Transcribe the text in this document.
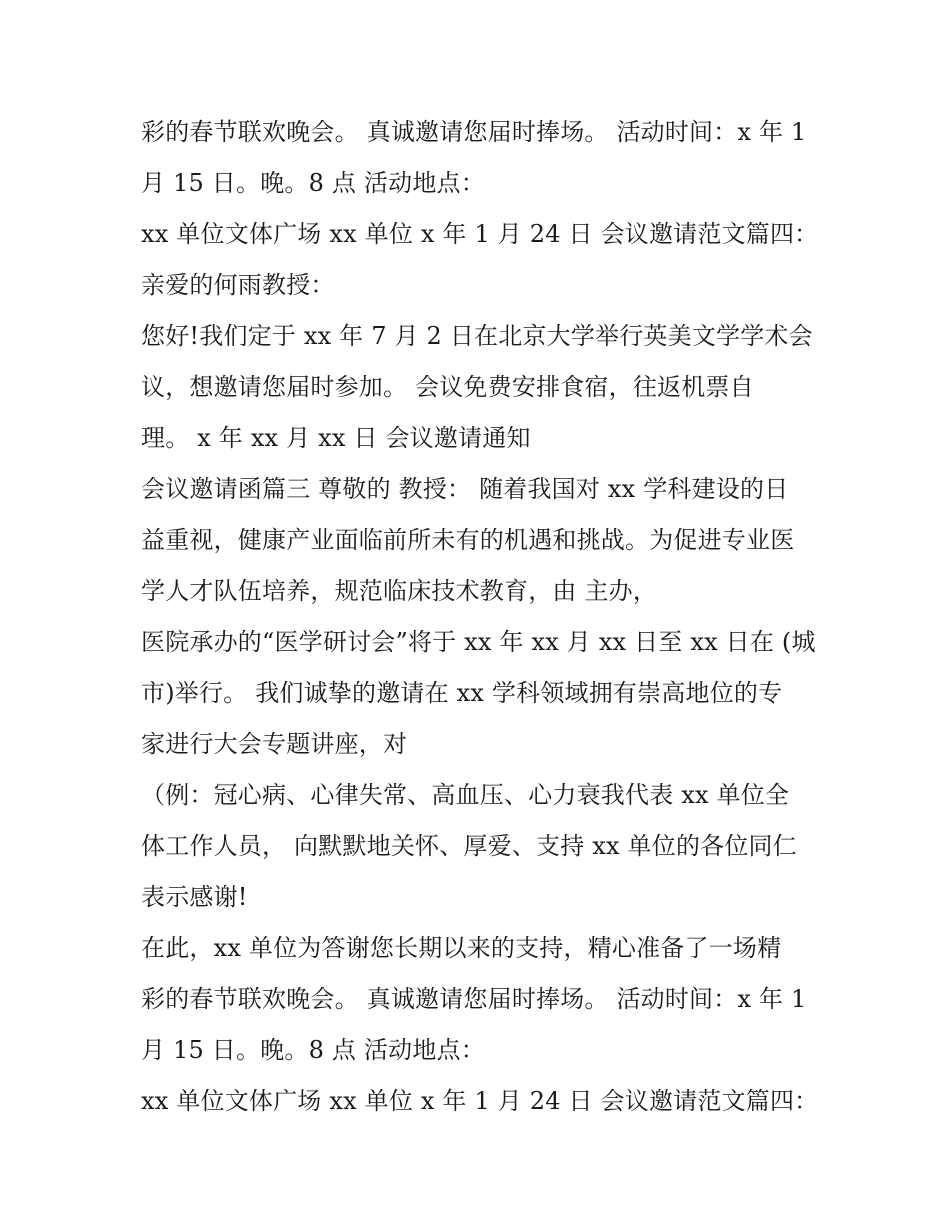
彩的春节联欢晚会。 真诚邀请您届时捧场。 活动时间：x 年 1
月 15 日。晚。8 点 活动地点：
xx 单位文体广场 xx 单位 x 年 1 月 24 日 会议邀请范文篇四：
亲爱的何雨教授：
您好!我们定于 xx 年 7 月 2 日在北京大学举行英美文学学术会
议，想邀请您届时参加。 会议免费安排食宿，往返机票自
理。 x 年 xx 月 xx 日 会议邀请通知
会议邀请函篇三 尊敬的 教授： 随着我国对 xx 学科建设的日
益重视，健康产业面临前所未有的机遇和挑战。为促进专业医
学人才队伍培养，规范临床技术教育，由 主办，
医院承办的“医学研讨会”将于 xx 年 xx 月 xx 日至 xx 日在 (城
市)举行。 我们诚挚的邀请在 xx 学科领域拥有崇高地位的专
家进行大会专题讲座，对
（例：冠心病、心律失常、高血压、心力衰我代表 xx 单位全
体工作人员， 向默默地关怀、厚爱、支持 xx 单位的各位同仁
表示感谢!
在此，xx 单位为答谢您长期以来的支持，精心准备了一场精
彩的春节联欢晚会。 真诚邀请您届时捧场。 活动时间：x 年 1
月 15 日。晚。8 点 活动地点：
xx 单位文体广场 xx 单位 x 年 1 月 24 日 会议邀请范文篇四：
